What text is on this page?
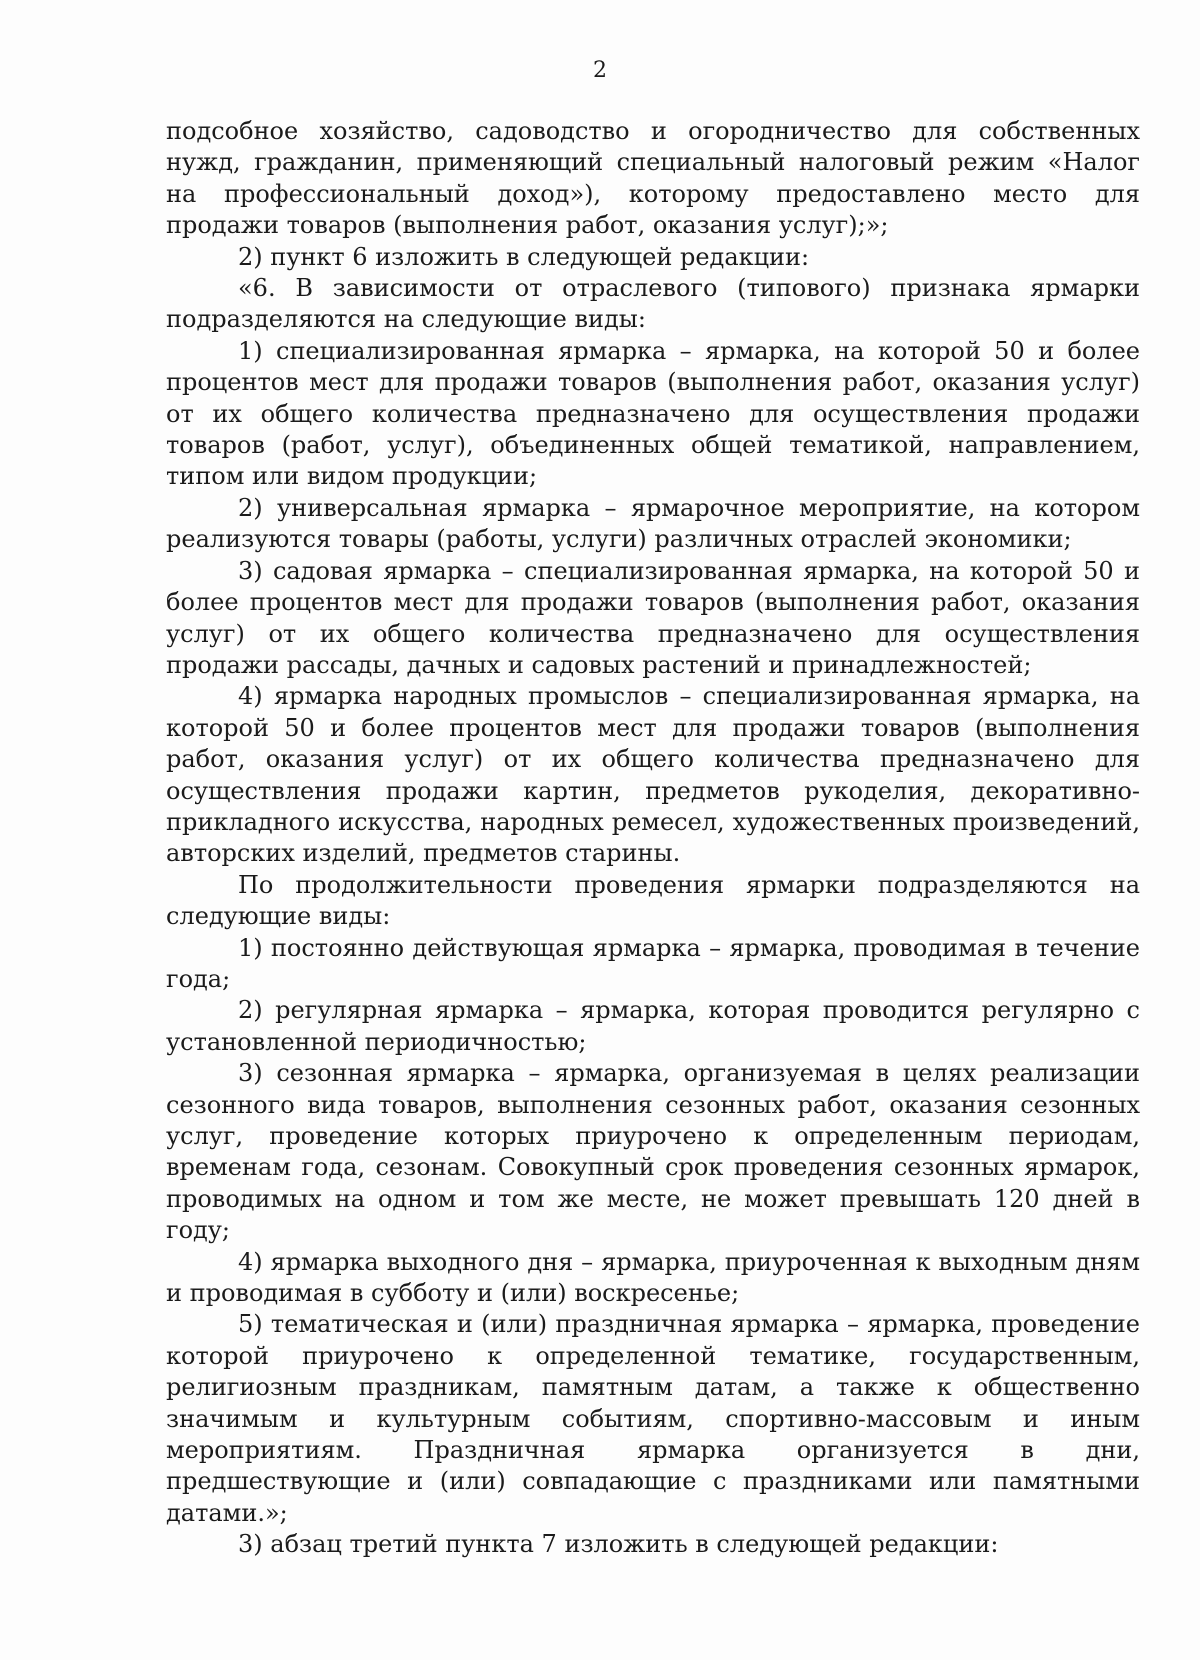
2

подсобное хозяйство, садоводство и огородничество для собственных нужд, гражданин, применяющий специальный налоговый режим «Налог на профессиональный доход»), которому предоставлено место для продажи товаров (выполнения работ, оказания услуг);»;

2) пункт 6 изложить в следующей редакции:

«6. В зависимости от отраслевого (типового) признака ярмарки подразделяются на следующие виды:

1) специализированная ярмарка – ярмарка, на которой 50 и более процентов мест для продажи товаров (выполнения работ, оказания услуг) от их общего количества предназначено для осуществления продажи товаров (работ, услуг), объединенных общей тематикой, направлением, типом или видом продукции;

2) универсальная ярмарка – ярмарочное мероприятие, на котором реализуются товары (работы, услуги) различных отраслей экономики;

3) садовая ярмарка – специализированная ярмарка, на которой 50 и более процентов мест для продажи товаров (выполнения работ, оказания услуг) от их общего количества предназначено для осуществления продажи рассады, дачных и садовых растений и принадлежностей;

4) ярмарка народных промыслов – специализированная ярмарка, на которой 50 и более процентов мест для продажи товаров (выполнения работ, оказания услуг) от их общего количества предназначено для осуществления продажи картин, предметов рукоделия, декоративно-прикладного искусства, народных ремесел, художественных произведений, авторских изделий, предметов старины.

По продолжительности проведения ярмарки подразделяются на следующие виды:

1) постоянно действующая ярмарка – ярмарка, проводимая в течение года;

2) регулярная ярмарка – ярмарка, которая проводится регулярно с установленной периодичностью;

3) сезонная ярмарка – ярмарка, организуемая в целях реализации сезонного вида товаров, выполнения сезонных работ, оказания сезонных услуг, проведение которых приурочено к определенным периодам, временам года, сезонам. Совокупный срок проведения сезонных ярмарок, проводимых на одном и том же месте, не может превышать 120 дней в году;

4) ярмарка выходного дня – ярмарка, приуроченная к выходным дням и проводимая в субботу и (или) воскресенье;

5) тематическая и (или) праздничная ярмарка – ярмарка, проведение которой приурочено к определенной тематике, государственным, религиозным праздникам, памятным датам, а также к общественно значимым и культурным событиям, спортивно-массовым и иным мероприятиям. Праздничная ярмарка организуется в дни, предшествующие и (или) совпадающие с праздниками или памятными датами.»;

3) абзац третий пункта 7 изложить в следующей редакции:
